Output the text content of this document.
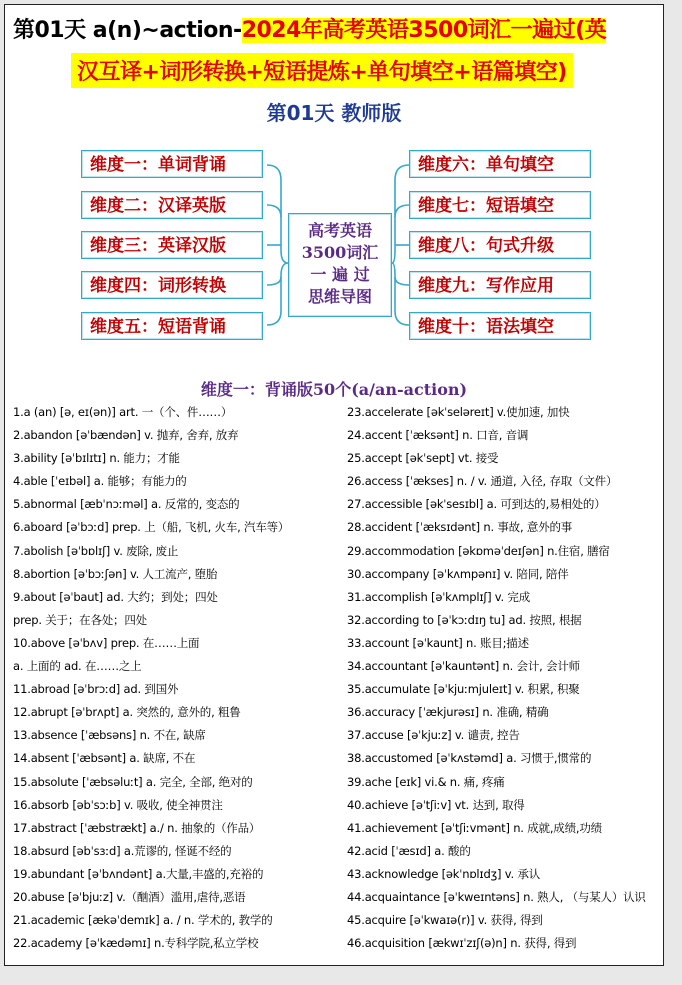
第01天 a(n)~action-2024年高考英语3500词汇一遍过(英
汉互译+词形转换+短语提炼+单句填空+语篇填空)
第01天 教师版
维度一：单词背诵
维度二：汉译英版
维度三：英译汉版
维度四：词形转换
维度五：短语背诵
高考英语
3500词汇
一 遍 过
思维导图
维度六：单句填空
维度七：短语填空
维度八：句式升级
维度九：写作应用
维度十：语法填空
维度一：背诵版50个(a/an-action)
1.a (an) [ə, eɪ(ən)] art. 一（个、件……）
2.abandon [əˈbændən] v. 抛弃, 舍弃, 放弃
3.ability [əˈbɪlɪtɪ] n. 能力；才能
4.able [ˈeɪbəl] a. 能够；有能力的
5.abnormal [æbˈnɔːməl] a. 反常的, 变态的
6.aboard [əˈbɔːd] prep. 上（船, 飞机, 火车, 汽车等）
7.abolish [əˈbɒlɪʃ] v. 废除, 废止
8.abortion [əˈbɔːʃən] v. 人工流产, 堕胎
9.about [əˈbaut] ad. 大约；到处；四处
prep. 关于；在各处；四处
10.above [əˈbʌv] prep. 在……上面
a. 上面的 ad. 在……之上
11.abroad [əˈbrɔːd] ad. 到国外
12.abrupt [əˈbrʌpt] a. 突然的, 意外的, 粗鲁
13.absence [ˈæbsəns] n. 不在, 缺席
14.absent [ˈæbsənt] a. 缺席, 不在
15.absolute [ˈæbsəluːt] a. 完全, 全部, 绝对的
16.absorb [əbˈsɔːb] v. 吸收, 使全神贯注
17.abstract [ˈæbstrækt] a./ n. 抽象的（作品）
18.absurd [əbˈsɜːd] a.荒谬的, 怪诞不经的
19.abundant [əˈbʌndənt] a.大量,丰盛的,充裕的
20.abuse [əˈbjuːz] v.（酗酒）滥用,虐待,恶语
21.academic [ækəˈdemɪk] a. / n. 学术的, 教学的
22.academy [əˈkædəmɪ] n.专科学院,私立学校
23.accelerate [əkˈseləreɪt] v.使加速, 加快
24.accent [ˈæksənt] n. 口音, 音调
25.accept [əkˈsept] vt. 接受
26.access [ˈækses] n. / v. 通道, 入径, 存取（文件）
27.accessible [əkˈsesɪbl] a. 可到达的,易相处的）
28.accident [ˈæksɪdənt] n. 事故, 意外的事
29.accommodation [əkɒməˈdeɪʃən] n.住宿, 膳宿
30.accompany [əˈkʌmpənɪ] v. 陪同, 陪伴
31.accomplish [əˈkʌmplɪʃ] v. 完成
32.according to [əˈkɔːdɪŋ tu] ad. 按照, 根据
33.account [əˈkaunt] n. 账目;描述
34.accountant [əˈkauntənt] n. 会计, 会计师
35.accumulate [əˈkjuːmjuleɪt] v. 积累, 积聚
36.accuracy [ˈækjurəsɪ] n. 准确, 精确
37.accuse [əˈkjuːz] v. 谴责, 控告
38.accustomed [əˈkʌstəmd] a. 习惯于,惯常的
39.ache [eɪk] vi.& n. 痛, 疼痛
40.achieve [əˈtʃiːv] vt. 达到, 取得
41.achievement [əˈtʃiːvmənt] n. 成就,成绩,功绩
42.acid [ˈæsɪd] a. 酸的
43.acknowledge [əkˈnɒlɪdʒ] v. 承认
44.acquaintance [əˈkweɪntəns] n. 熟人, （与某人）认识
45.acquire [əˈkwaɪə(r)] v. 获得, 得到
46.acquisition [ækwɪˈzɪʃ(ə)n] n. 获得, 得到
